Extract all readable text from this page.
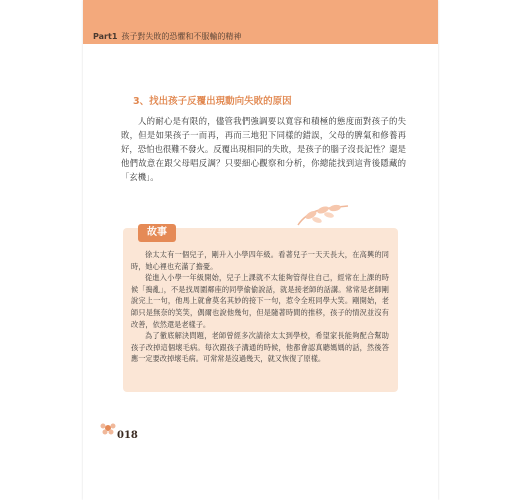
Part1 孩子對失敗的恐懼和不服輸的精神
3、找出孩子反覆出現動向失敗的原因
人的耐心是有限的，儘管我們強調要以寬容和積極的態度面對孩子的失敗，但是如果孩子一而再，再而三地犯下同樣的錯誤，父母的脾氣和修養再好，恐怕也很難不發火。反覆出現相同的失敗，是孩子的腦子沒長記性？還是他們故意在跟父母唱反調？只要細心觀察和分析，你總能找到這背後隱藏的「玄機」。
故事

徐太太有一個兒子，剛升入小學四年級。看著兒子一天天長大，在高興的同時，她心裡也充滿了擔憂。

從進入小學一年級開始，兒子上課就不太能夠管得住自己，經常在上課的時候「搗亂」，不是找周圍鄰座的同學偷偷說話，就是接老師的話講。常常是老師剛說完上一句，他馬上就會莫名其妙的接下一句，惹令全班同學大笑。剛開始，老師只是無奈的笑笑，偶爾也說他幾句，但是隨著時間的推移，孩子的情況並沒有改善，依然還是老樣子。

為了徹底解決問題，老師曾經多次請徐太太到學校，希望家長能夠配合幫助孩子改掉這個壞毛病。每次跟孩子溝通的時候，他都會認真聽媽媽的話，然後答應一定要改掉壞毛病。可常常是沒過幾天，就又恢復了原樣。

018
